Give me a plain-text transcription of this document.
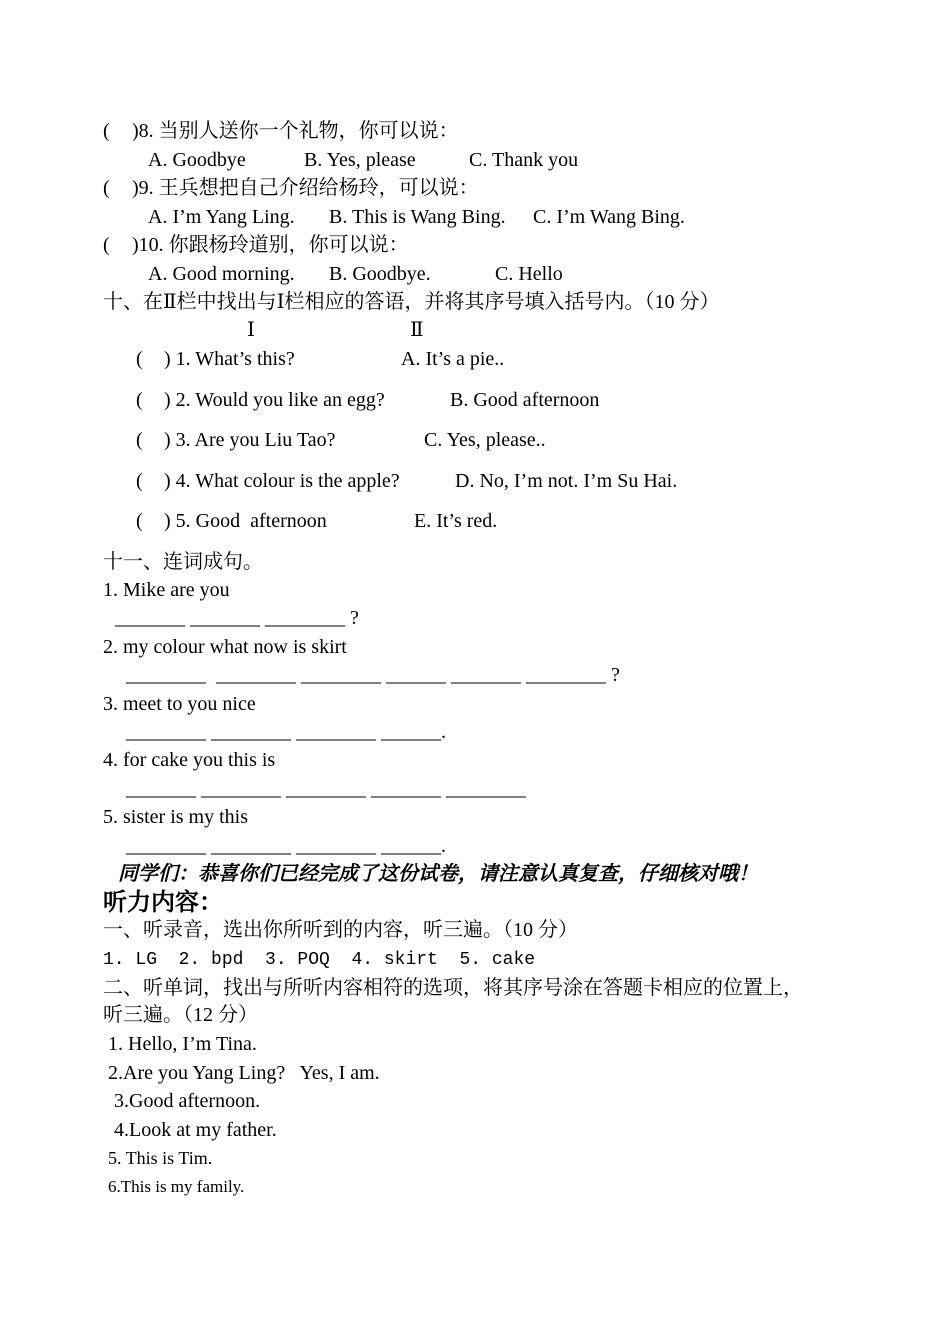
( )8. 当别人送你一个礼物，你可以说：
A. Goodbye	B. Yes, please	C. Thank you
( )9. 王兵想把自己介绍给杨玲，可以说：
A. I’m Yang Ling. B. This is Wang Bing. C. I’m Wang Bing.
( )10. 你跟杨玲道别，你可以说：
A. Good morning. B. Goodbye.	C. Hello
十、在Ⅱ栏中找出与Ⅰ栏相应的答语，并将其序号填入括号内。（10 分）
Ⅰ	Ⅱ
( ) 1. What’s this?	A. It’s a pie..
( ) 2. Would you like an egg?	B. Good afternoon
( ) 3. Are you Liu Tao?	C. Yes, please..
( ) 4. What colour is the apple?	D. No, I’m not. I’m Su Hai.
( ) 5. Good  afternoon	E. It’s red.
十一、连词成句。
1. Mike are you
_______ _______ ________ ?
2. my colour what now is skirt
________  ________ ________ ______ _______ ________ ?
3. meet to you nice
________ ________ ________ ______.
4. for cake you this is
_______ ________ ________ _______ ________
5. sister is my this
________ ________ ________ ______.
同学们：恭喜你们已经完成了这份试卷，请注意认真复查，仔细核对哦！
听力内容：
一、听录音，选出你所听到的内容，听三遍。（10 分）
1. LG  2. bpd  3. POQ  4. skirt  5. cake
二、听单词，找出与所听内容相符的选项，将其序号涂在答题卡相应的位置上，
听三遍。（12 分）
1. Hello, I’m Tina.
2.Are you Yang Ling?   Yes, I am.
3.Good afternoon.
4.Look at my father.
5. This is Tim.
6.This is my family.
